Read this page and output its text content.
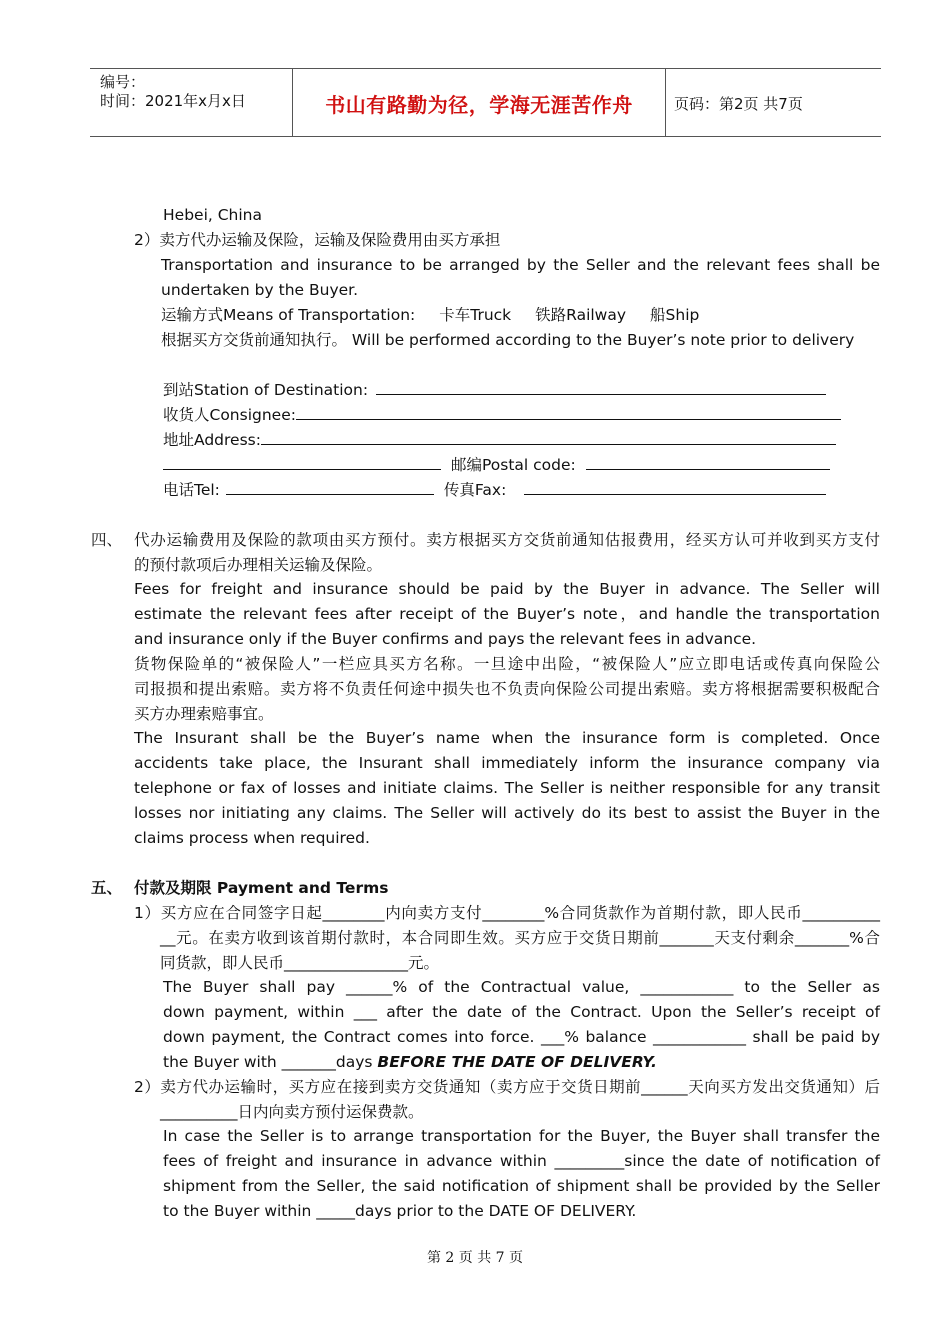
编号：
时间：2021年x月x日	书山有路勤为径，学海无涯苦作舟	页码：第2页 共7页
Hebei, China
2）卖方代办运输及保险，运输及保险费用由买方承担
Transportation and insurance to be arranged by the Seller and the relevant fees shall be
undertaken by the Buyer.
运输方式Means of Transportation: 卡车Truck 铁路Railway 船Ship
根据买方交货前通知执行。 Will be performed according to the Buyer’s note prior to delivery
到站Station of Destination:
收货人Consignee:
地址Address:
邮编Postal code:
电话Tel:	传真Fax:
四、 代办运输费用及保险的款项由买方预付。卖方根据买方交货前通知估报费用，经买方认可并收到买方支付
的预付款项后办理相关运输及保险。
Fees for freight and insurance should be paid by the Buyer in advance. The Seller will
estimate the relevant fees after receipt of the Buyer’s note，and handle the transportation
and insurance only if the Buyer confirms and pays the relevant fees in advance.
货物保险单的“被保险人”一栏应具买方名称。一旦途中出险，“被保险人”应立即电话或传真向保险公
司报损和提出索赔。卖方将不负责任何途中损失也不负责向保险公司提出索赔。卖方将根据需要积极配合
买方办理索赔事宜。
The Insurant shall be the Buyer’s name when the insurance form is completed. Once
accidents take place, the Insurant shall immediately inform the insurance company via
telephone or fax of losses and initiate claims. The Seller is neither responsible for any transit
losses nor initiating any claims. The Seller will actively do its best to assist the Buyer in the
claims process when required.
五、 付款及期限 Payment and Terms
1）买方应在合同签字日起________内向卖方支付________%合同货款作为首期付款，即人民币__________
__元。在卖方收到该首期付款时，本合同即生效。买方应于交货日期前_______天支付剩余_______%合
同货款，即人民币________________元。
The Buyer shall pay ______% of the Contractual value, ____________ to the Seller as
down payment, within ___ after the date of the Contract. Upon the Seller’s receipt of
down payment, the Contract comes into force. ___% balance ____________ shall be paid by
the Buyer with _______days BEFORE THE DATE OF DELIVERY.
2）卖方代办运输时，买方应在接到卖方交货通知（卖方应于交货日期前______天向买方发出交货通知）后
__________日内向卖方预付运保费款。
In case the Seller is to arrange transportation for the Buyer, the Buyer shall transfer the
fees of freight and insurance in advance within _________since the date of notification of
shipment from the Seller, the said notification of shipment shall be provided by the Seller
to the Buyer within _____days prior to the DATE OF DELIVERY.
第 2 页 共 7 页
